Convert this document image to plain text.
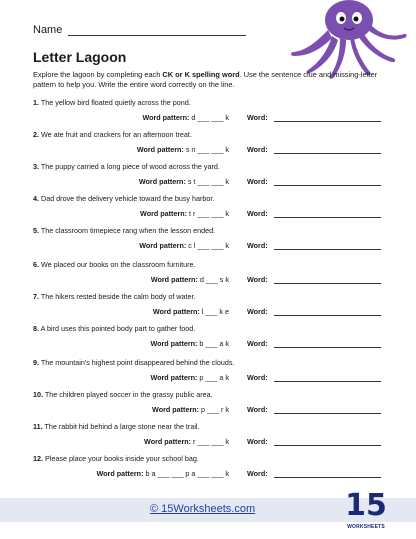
Name
Letter Lagoon
Explore the lagoon by completing each CK or K spelling word. Use the sentence clue and missing-letter pattern to help you. Write the entire word correctly on the line.
1. The yellow bird floated quietly across the pond.
Word pattern: d ___ ___ k	Word:
2. We ate fruit and crackers for an afternoon treat.
Word pattern: s n ___ ___ k	Word:
3. The puppy carried a long piece of wood across the yard.
Word pattern: s t ___ ___ k	Word:
4. Dad drove the delivery vehicle toward the busy harbor.
Word pattern: t r ___ ___ k	Word:
5. The classroom timepiece rang when the lesson ended.
Word pattern: c l ___ ___ k	Word:
6. We placed our books on the classroom furniture.
Word pattern: d ___ s k	Word:
7. The hikers rested beside the calm body of water.
Word pattern: l ___ k e	Word:
8. A bird uses this pointed body part to gather food.
Word pattern: b ___ a k	Word:
9. The mountain's highest point disappeared behind the clouds.
Word pattern: p ___ a k	Word:
10. The children played soccer in the grassy public area.
Word pattern: p ___ r k	Word:
11. The rabbit hid behind a large stone near the trail.
Word pattern: r ___ ___ k	Word:
12. Please place your books inside your school bag.
Word pattern: b a ___ ___ p a ___ ___ k	Word:
© 15Worksheets.com	15
WORKSHEETS
